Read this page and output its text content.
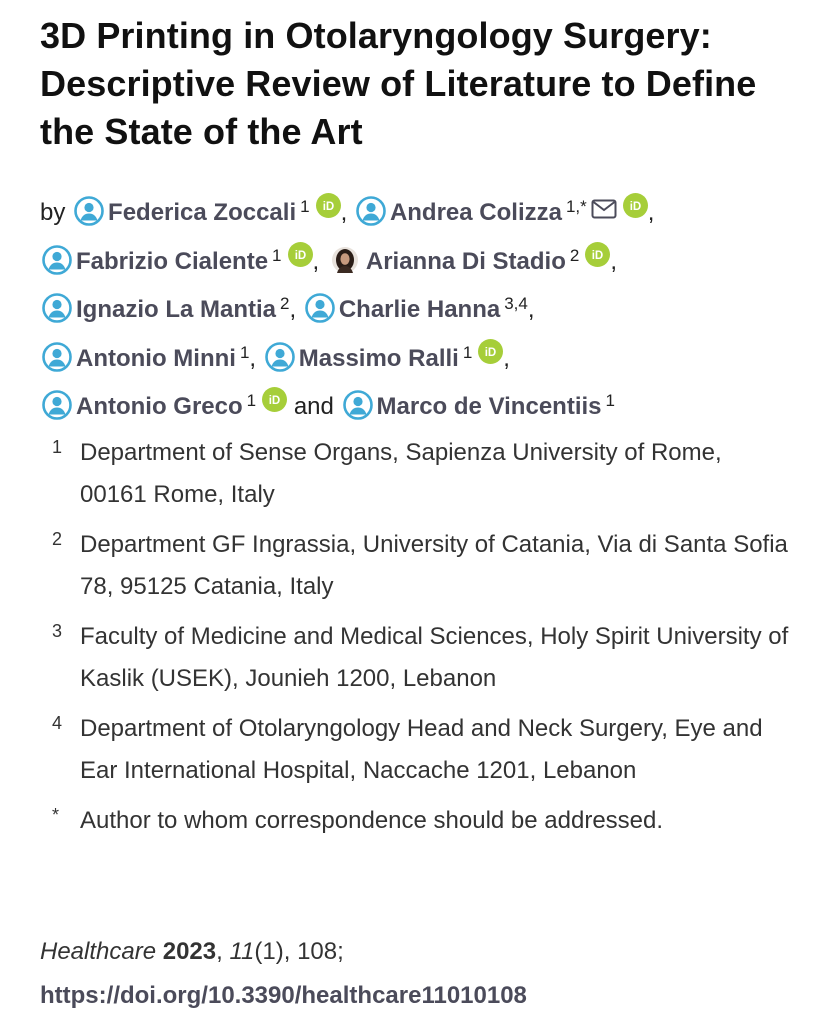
3D Printing in Otolaryngology Surgery: Descriptive Review of Literature to Define the State of the Art
by Federica Zoccali $^1$ iD , Andrea Colizza $^{1,*}$	iD ,
Fabrizio Cialente $^1$ iD , Arianna Di Stadio $^2$ iD ,
Ignazio La Mantia $^2$, Charlie Hanna $^{3,4}$,
Antonio Minni $^1$, Massimo Ralli $^1$ iD ,
Antonio Greco $^1$ iD and Marco de Vincentiis $^1$
1 Department of Sense Organs, Sapienza University of Rome, 00161 Rome, Italy
2 Department GF Ingrassia, University of Catania, Via di Santa Sofia 78, 95125 Catania, Italy
3 Faculty of Medicine and Medical Sciences, Holy Spirit University of Kaslik (USEK), Jounieh 1200, Lebanon
4 Department of Otolaryngology Head and Neck Surgery, Eye and Ear International Hospital, Naccache 1201, Lebanon
* Author to whom correspondence should be addressed.
Healthcare 2023, 11(1), 108;
https://doi.org/10.3390/healthcare11010108
